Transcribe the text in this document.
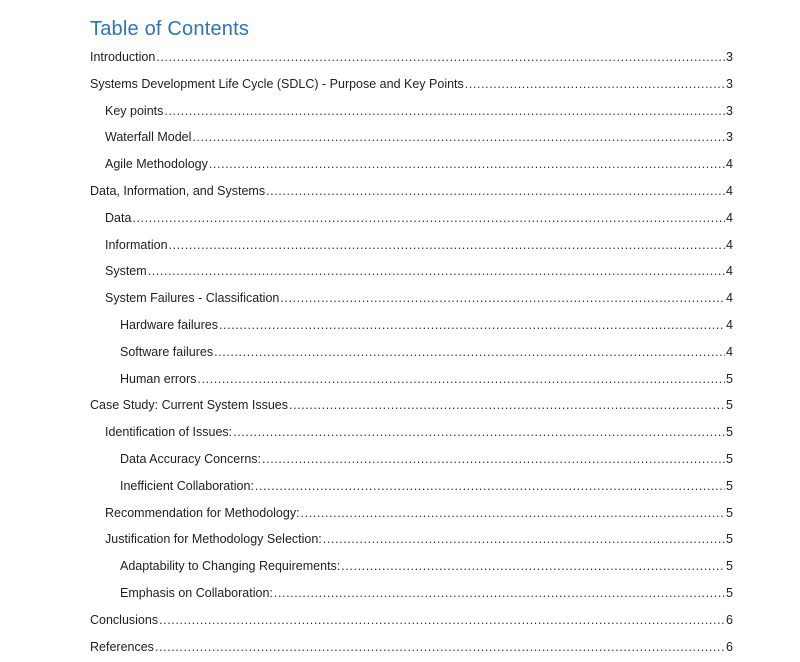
Table of Contents
Introduction .....	3
Systems Development Life Cycle (SDLC) - Purpose and Key Points .....	3
Key points .....	3
Waterfall Model .....	3
Agile Methodology .....	4
Data, Information, and Systems .....	4
Data .....	4
Information .....	4
System .....	4
System Failures - Classification .....	4
Hardware failures .....	4
Software failures .....	4
Human errors .....	5
Case Study: Current System Issues .....	5
Identification of Issues: .....	5
Data Accuracy Concerns: .....	5
Inefficient Collaboration: .....	5
Recommendation for Methodology: .....	5
Justification for Methodology Selection: .....	5
Adaptability to Changing Requirements: .....	5
Emphasis on Collaboration: .....	5
Conclusions .....	6
References .....	6
